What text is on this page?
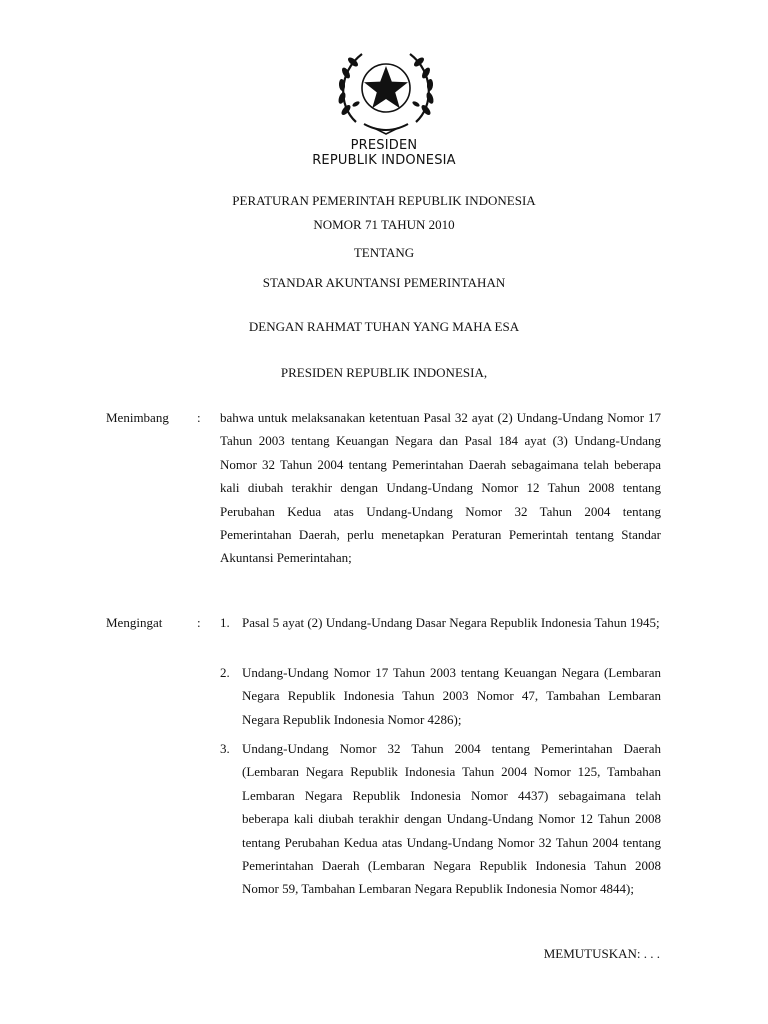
PRESIDEN
REPUBLIK INDONESIA
PERATURAN PEMERINTAH REPUBLIK INDONESIA
NOMOR 71 TAHUN 2010
TENTANG
STANDAR AKUNTANSI PEMERINTAHAN
DENGAN RAHMAT TUHAN YANG MAHA ESA
PRESIDEN REPUBLIK INDONESIA,
Menimbang : bahwa untuk melaksanakan ketentuan Pasal 32 ayat (2) Undang-Undang Nomor 17 Tahun 2003 tentang Keuangan Negara dan Pasal 184 ayat (3) Undang-Undang Nomor 32 Tahun 2004 tentang Pemerintahan Daerah sebagaimana telah beberapa kali diubah terakhir dengan Undang-Undang Nomor 12 Tahun 2008 tentang Perubahan Kedua atas Undang-Undang Nomor 32 Tahun 2004 tentang Pemerintahan Daerah, perlu menetapkan Peraturan Pemerintah tentang Standar Akuntansi Pemerintahan;
Mengingat	: 1. Pasal 5 ayat (2) Undang-Undang Dasar Negara Republik Indonesia Tahun 1945;
2. Undang-Undang Nomor 17 Tahun 2003 tentang Keuangan Negara (Lembaran Negara Republik Indonesia Tahun 2003 Nomor 47, Tambahan Lembaran Negara Republik Indonesia Nomor 4286);
3. Undang-Undang Nomor 32 Tahun 2004 tentang Pemerintahan Daerah (Lembaran Negara Republik Indonesia Tahun 2004 Nomor 125, Tambahan Lembaran Negara Republik Indonesia Nomor 4437) sebagaimana telah beberapa kali diubah terakhir dengan Undang-Undang Nomor 12 Tahun 2008 tentang Perubahan Kedua atas Undang-Undang Nomor 32 Tahun 2004 tentang Pemerintahan Daerah (Lembaran Negara Republik Indonesia Tahun 2008 Nomor 59, Tambahan Lembaran Negara Republik Indonesia Nomor 4844);
MEMUTUSKAN: . . .
